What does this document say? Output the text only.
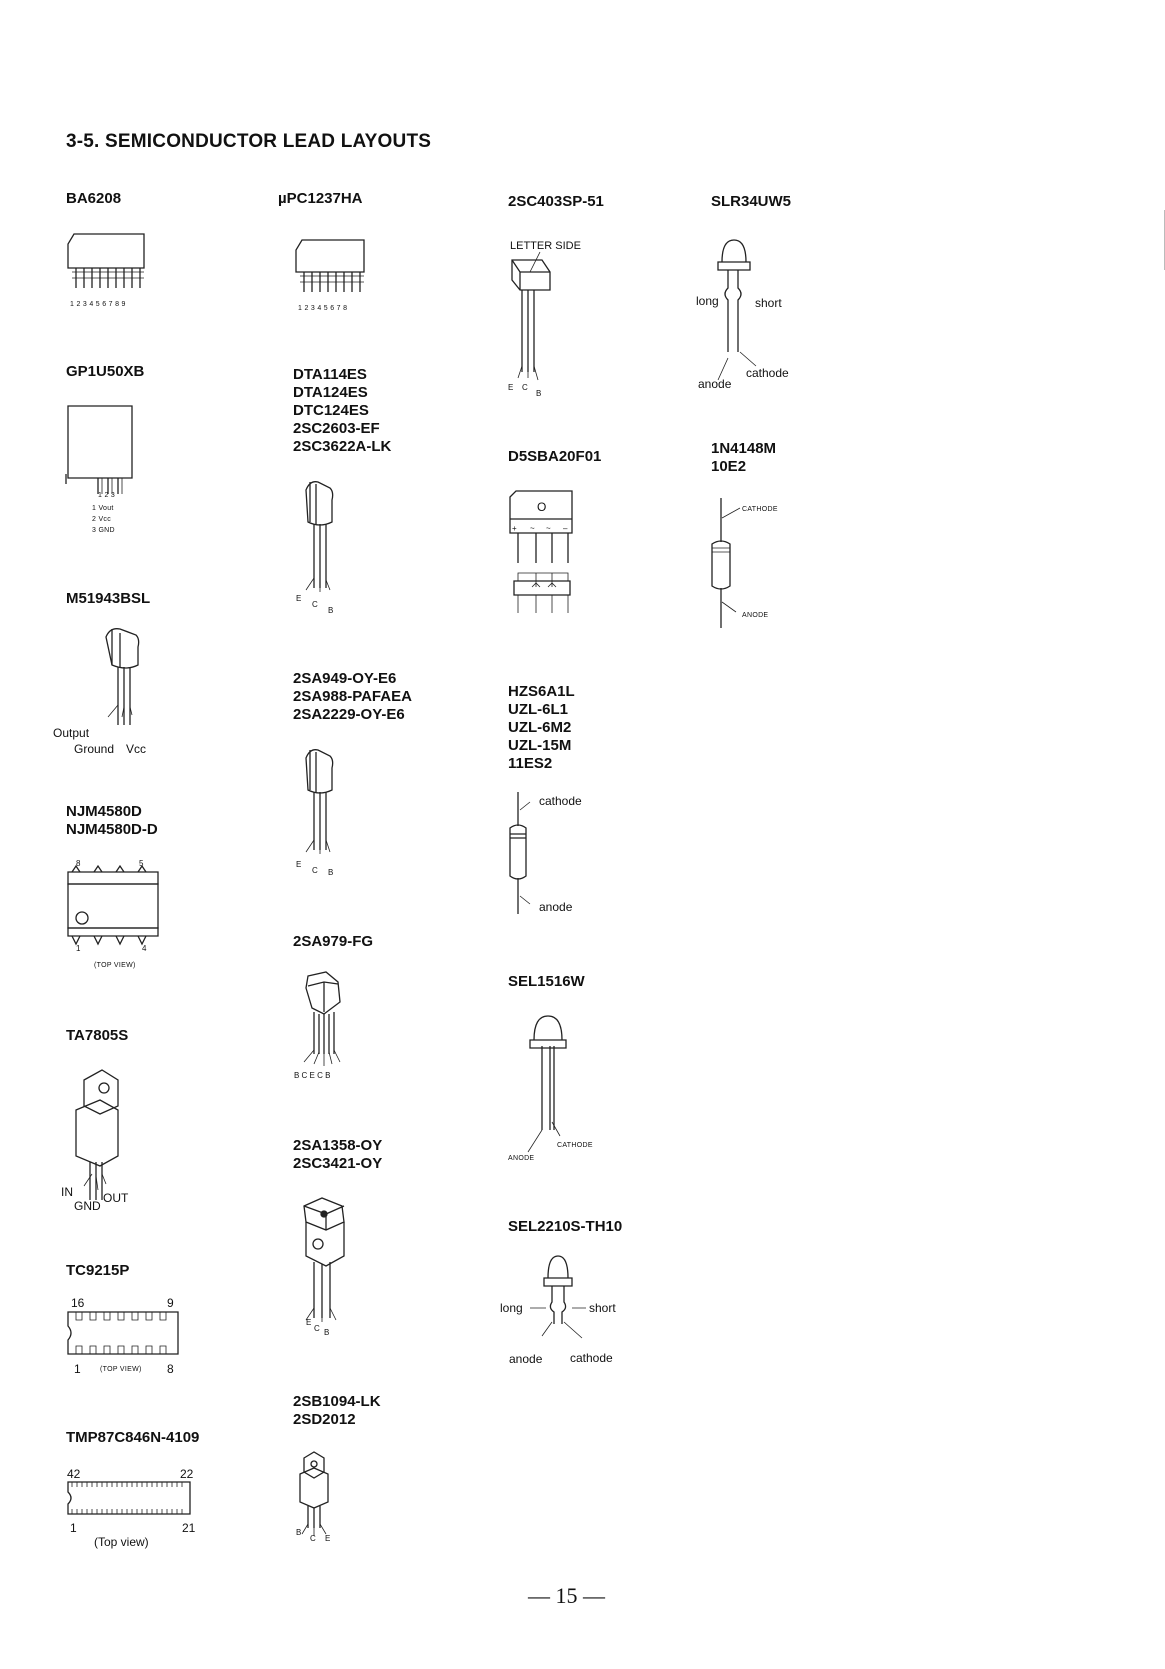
3-5. SEMICONDUCTOR LEAD LAYOUTS
BA6208
1 2 3 4 5 6 7 8 9
GP1U50XB
1 2 3
1 Vout
2 Vcc
3 GND
M51943BSL
Output
Ground Vcc
NJM4580D
NJM4580D-D
8	5
1	4
(TOP VIEW)
TA7805S
IN
GND
OUT
TC9215P
16	9
1	(TOP VIEW) 8
TMP87C846N-4109
42	22
1	21
(Top view)
µPC1237HA
1 2 3 4 5 6 7 8
DTA114ES
DTA124ES
DTC124ES
2SC2603-EF
2SC3622A-LK
E
C
B
2SA949-OY-E6
2SA988-PAFAEA
2SA2229-OY-E6
E
C B
2SA979-FG
B C E C B
2SA1358-OY
2SC3421-OY
E
C B
2SB1094-LK
2SD2012
B
C E
2SC403SP-51
LETTER SIDE
E C
B
D5SBA20F01
O
+ ~ ~ –
HZS6A1L
UZL-6L1
UZL-6M2
UZL-15M
11ES2
cathode
anode
SEL1516W
ANODE
CATHODE
SEL2210S-TH10
long	short
anode cathode
SLR34UW5
long	short
cathode
anode
1N4148M
10E2
CATHODE
ANODE
— 15 —
